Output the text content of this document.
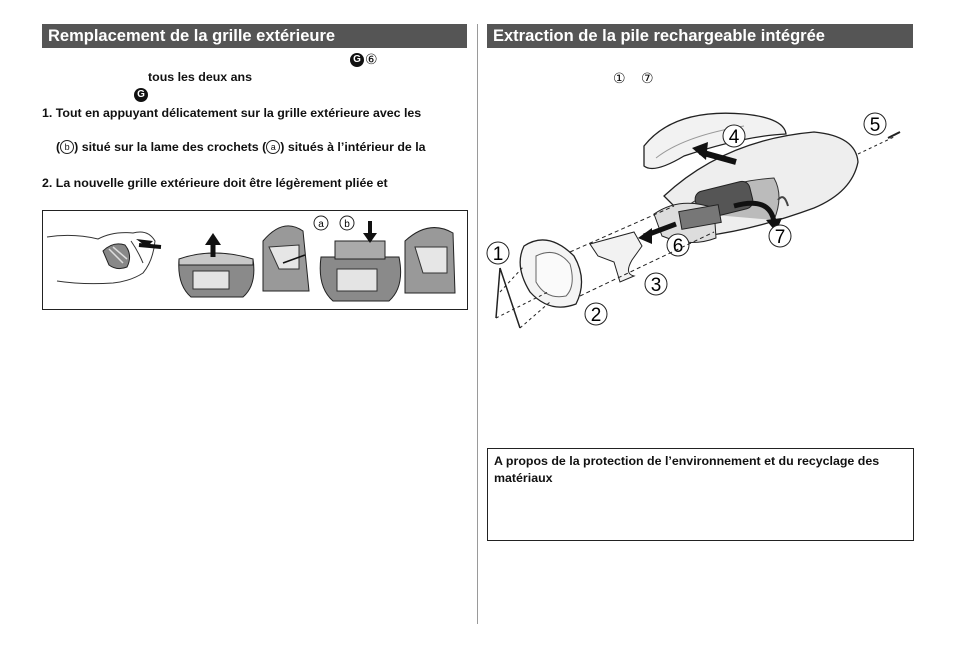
Remplacement de la grille extérieure
G ⑥
tous les deux ans
G
1. Tout en appuyant délicatement sur la grille extérieure avec les
( b ) situé sur la lame des crochets ( a ) situés à l’intérieur de la
2. La nouvelle grille extérieure doit être légèrement pliée et
a b
Extraction de la pile rechargeable intégrée
① ⑦
4
5
7
6
3
2
1
A propos de la protection de l’environnement et du recyclage des matériaux
